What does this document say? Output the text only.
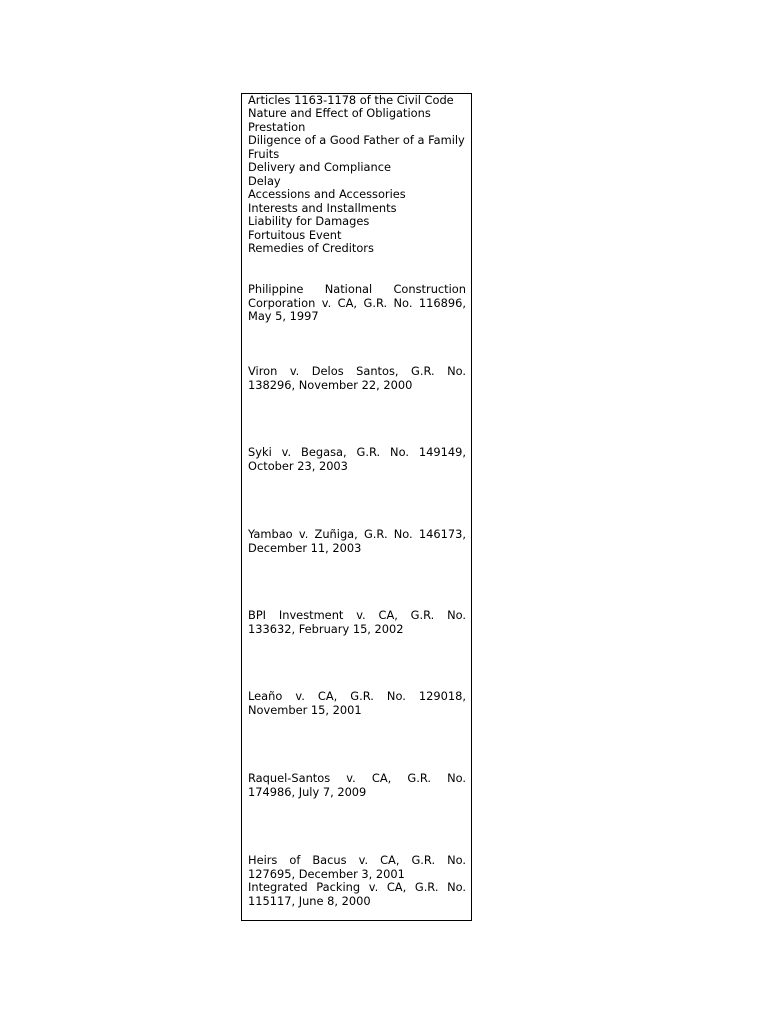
Articles 1163-1178 of the Civil Code
Nature and Effect of Obligations
Prestation
Diligence of a Good Father of a Family
Fruits
Delivery and Compliance
Delay
Accessions and Accessories
Interests and Installments
Liability for Damages
Fortuitous Event
Remedies of Creditors
Philippine National Construction Corporation v. CA, G.R. No. 116896, May 5, 1997
Viron v. Delos Santos, G.R. No. 138296, November 22, 2000
Syki v. Begasa, G.R. No. 149149, October 23, 2003
Yambao v. Zuñiga, G.R. No. 146173, December 11, 2003
BPI Investment v. CA, G.R. No. 133632, February 15, 2002
Leaño v. CA, G.R. No. 129018, November 15, 2001
Raquel-Santos v. CA, G.R. No. 174986, July 7, 2009
Heirs of Bacus v. CA, G.R. No. 127695, December 3, 2001
Integrated Packing v. CA, G.R. No. 115117, June 8, 2000
